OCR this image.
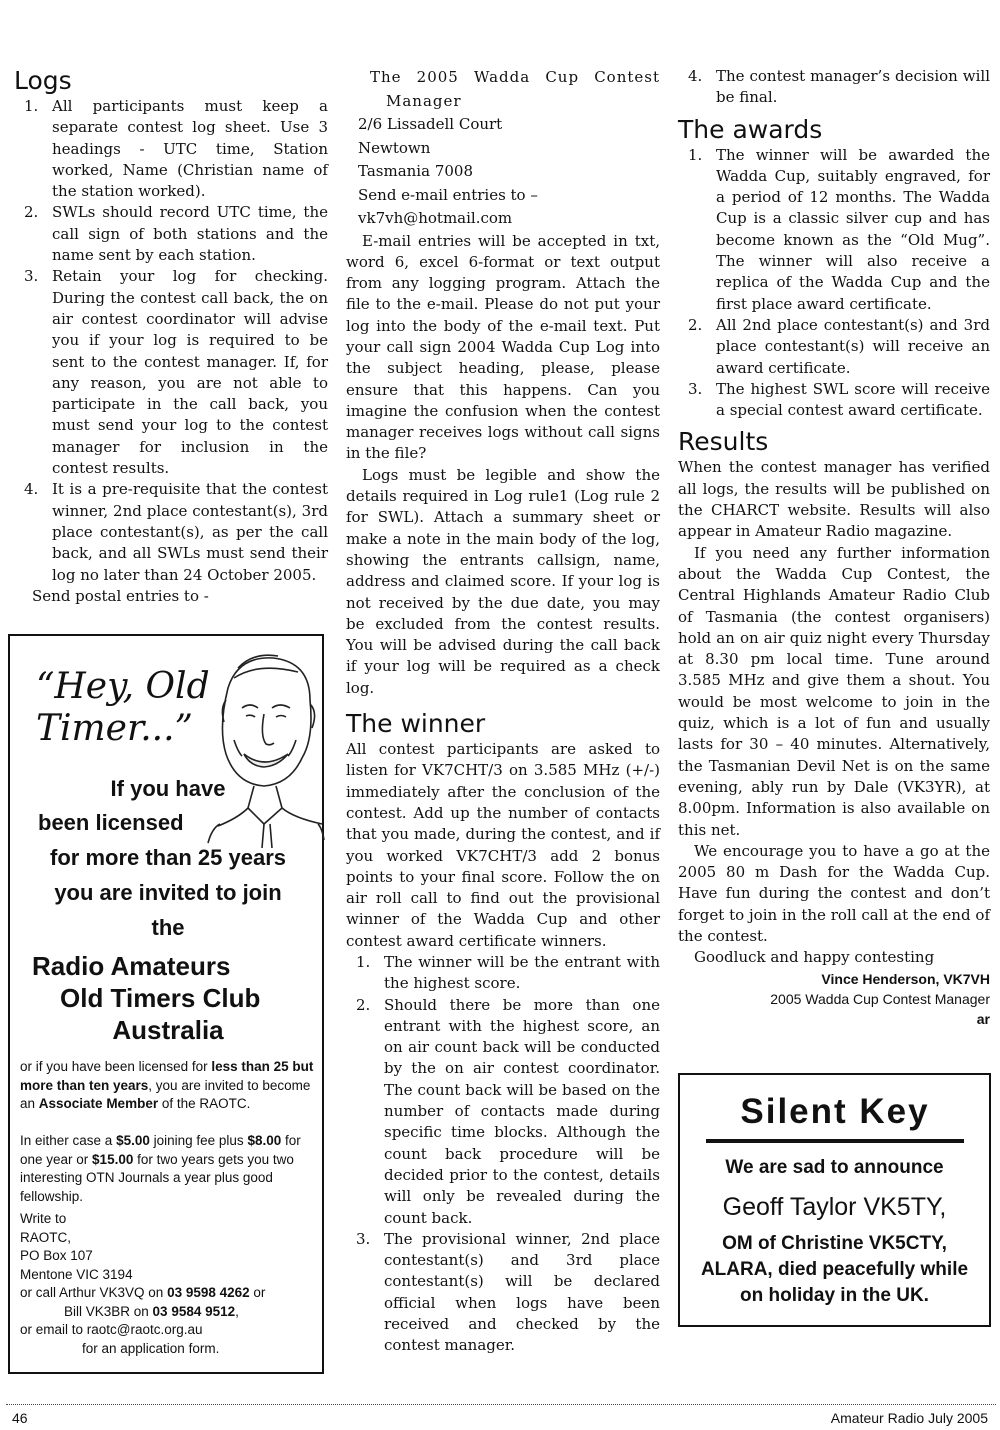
Logs
1. All participants must keep a separate contest log sheet. Use 3 headings - UTC time, Station worked, Name (Christian name of the station worked).
2. SWLs should record UTC time, the call sign of both stations and the name sent by each station.
3. Retain your log for checking. During the contest call back, the on air contest coordinator will advise you if your log is required to be sent to the contest manager. If, for any reason, you are not able to participate in the call back, you must send your log to the contest manager for inclusion in the contest results.
4. It is a pre-requisite that the contest winner, 2nd place contestant(s), 3rd place contestant(s), as per the call back, and all SWLs must send their log no later than 24 October 2005.

Send postal entries to -

“Hey, Old
Timer...”
If you have
been licensed
for more than 25 years
you are invited to join
the
Radio Amateurs
Old Timers Club
Australia
or if you have been licensed for less than 25 but more than ten years, you are invited to become an Associate Member of the RAOTC.
In either case a $5.00 joining fee plus $8.00 for one year or $15.00 for two years gets you two interesting OTN Journals a year plus good fellowship.
Write to
RAOTC,
PO Box 107
Mentone VIC 3194
or call Arthur VK3VQ on 03 9598 4262 or
Bill VK3BR on 03 9584 9512,
or email to raotc@raotc.org.au
for an application form.
The 2005 Wadda Cup Contest Manager
2/6 Lissadell Court
Newtown
Tasmania 7008
Send e-mail entries to –
vk7vh@hotmail.com

E-mail entries will be accepted in txt, word 6, excel 6-format or text output from any logging program. Attach the file to the e-mail. Please do not put your log into the body of the e-mail text. Put your call sign 2004 Wadda Cup Log into the subject heading, please, please ensure that this happens. Can you imagine the confusion when the contest manager receives logs without call signs in the file?

Logs must be legible and show the details required in Log rule1 (Log rule 2 for SWL). Attach a summary sheet or make a note in the main body of the log, showing the entrants callsign, name, address and claimed score. If your log is not received by the due date, you may be excluded from the contest results. You will be advised during the call back if your log will be required as a check log.

The winner

All contest participants are asked to listen for VK7CHT/3 on 3.585 MHz (+/-) immediately after the conclusion of the contest. Add up the number of contacts that you made, during the contest, and if you worked VK7CHT/3 add 2 bonus points to your final score. Follow the on air roll call to find out the provisional winner of the Wadda Cup and other contest award certificate winners.

1. The winner will be the entrant with the highest score.
2. Should there be more than one entrant with the highest score, an on air count back will be conducted by the on air contest coordinator. The count back will be based on the number of contacts made during specific time blocks. Although the count back procedure will be decided prior to the contest, details will only be revealed during the count back.
3. The provisional winner, 2nd place contestant(s) and 3rd place contestant(s) will be declared official when logs have been received and checked by the contest manager.
4. The contest manager’s decision will be final.
The awards
1. The winner will be awarded the Wadda Cup, suitably engraved, for a period of 12 months. The Wadda Cup is a classic silver cup and has become known as the “Old Mug”. The winner will also receive a replica of the Wadda Cup and the first place award certificate.
2. All 2nd place contestant(s) and 3rd place contestant(s) will receive an award certificate.
3. The highest SWL score will receive a special contest award certificate.
Results

When the contest manager has verified all logs, the results will be published on the CHARCT website. Results will also appear in Amateur Radio magazine.

If you need any further information about the Wadda Cup Contest, the Central Highlands Amateur Radio Club of Tasmania (the contest organisers) hold an on air quiz night every Thursday at 8.30 pm local time. Tune around 3.585 MHz and give them a shout. You would be most welcome to join in the quiz, which is a lot of fun and usually lasts for 30 – 40 minutes. Alternatively, the Tasmanian Devil Net is on the same evening, ably run by Dale (VK3YR), at 8.00pm. Information is also available on this net.

We encourage you to have a go at the 2005 80 m Dash for the Wadda Cup. Have fun during the contest and don’t forget to join in the roll call at the end of the contest.

Goodluck and happy contesting

Vince Henderson, VK7VH
2005 Wadda Cup Contest Manager
ar
Silent Key
We are sad to announce
Geoff Taylor VK5TY,
OM of Christine VK5CTY,
ALARA, died peacefully while
on holiday in the UK.
46	Amateur Radio July 2005
